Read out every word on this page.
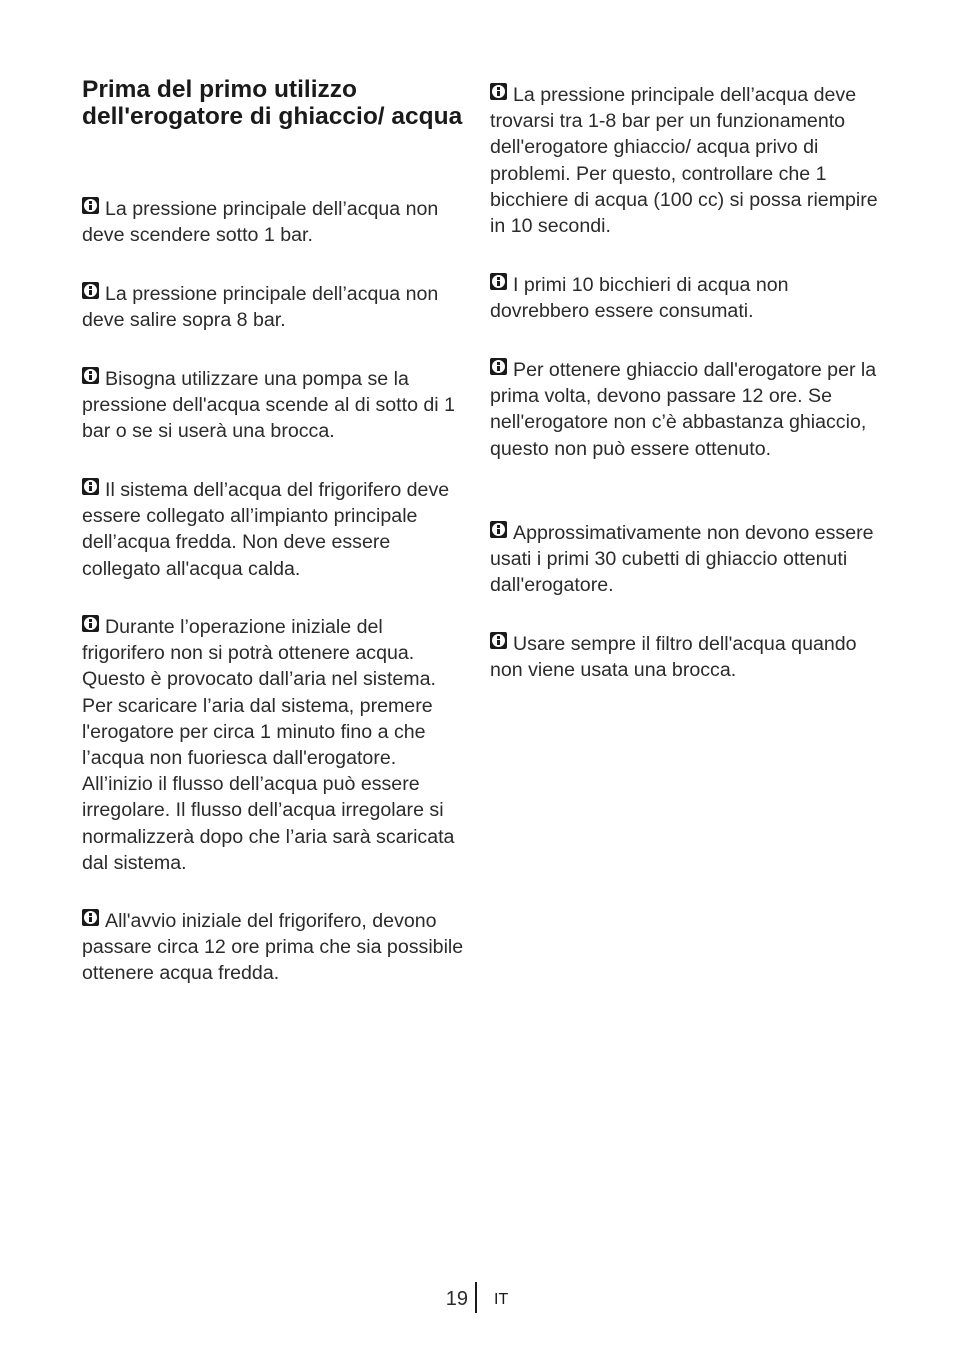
Prima del primo utilizzo dell'erogatore di ghiaccio/ acqua

La pressione principale dell’acqua non deve scendere sotto 1 bar.

La pressione principale dell’acqua non deve salire sopra 8 bar.

Bisogna utilizzare una pompa se la pressione dell'acqua scende al di sotto di 1 bar o se si userà una brocca.

Il sistema dell’acqua del frigorifero deve essere collegato all’impianto principale dell’acqua fredda. Non deve essere collegato all'acqua calda.

Durante l’operazione iniziale del frigorifero non si potrà ottenere acqua. Questo è provocato dall’aria nel sistema. Per scaricare l’aria dal sistema, premere l'erogatore per circa 1 minuto fino a che l’acqua non fuoriesca dall'erogatore. All’inizio il flusso dell’acqua può essere irregolare. Il flusso dell’acqua irregolare si normalizzerà dopo che l’aria sarà scaricata dal sistema.

All'avvio iniziale del frigorifero, devono passare circa 12 ore prima che sia possibile ottenere acqua fredda.

La pressione principale dell’acqua deve trovarsi tra 1-8 bar per un funzionamento dell'erogatore ghiaccio/ acqua privo di problemi. Per questo, controllare che 1 bicchiere di acqua (100 cc) si possa riempire in 10 secondi.

I primi 10 bicchieri di acqua non dovrebbero essere consumati.

Per ottenere ghiaccio dall'erogatore per la prima volta, devono passare 12 ore. Se nell'erogatore non c’è abbastanza ghiaccio, questo non può essere ottenuto.

Approssimativamente non devono essere usati i primi 30 cubetti di ghiaccio ottenuti dall'erogatore.

Usare sempre il filtro dell'acqua quando non viene usata una brocca.

19 IT
